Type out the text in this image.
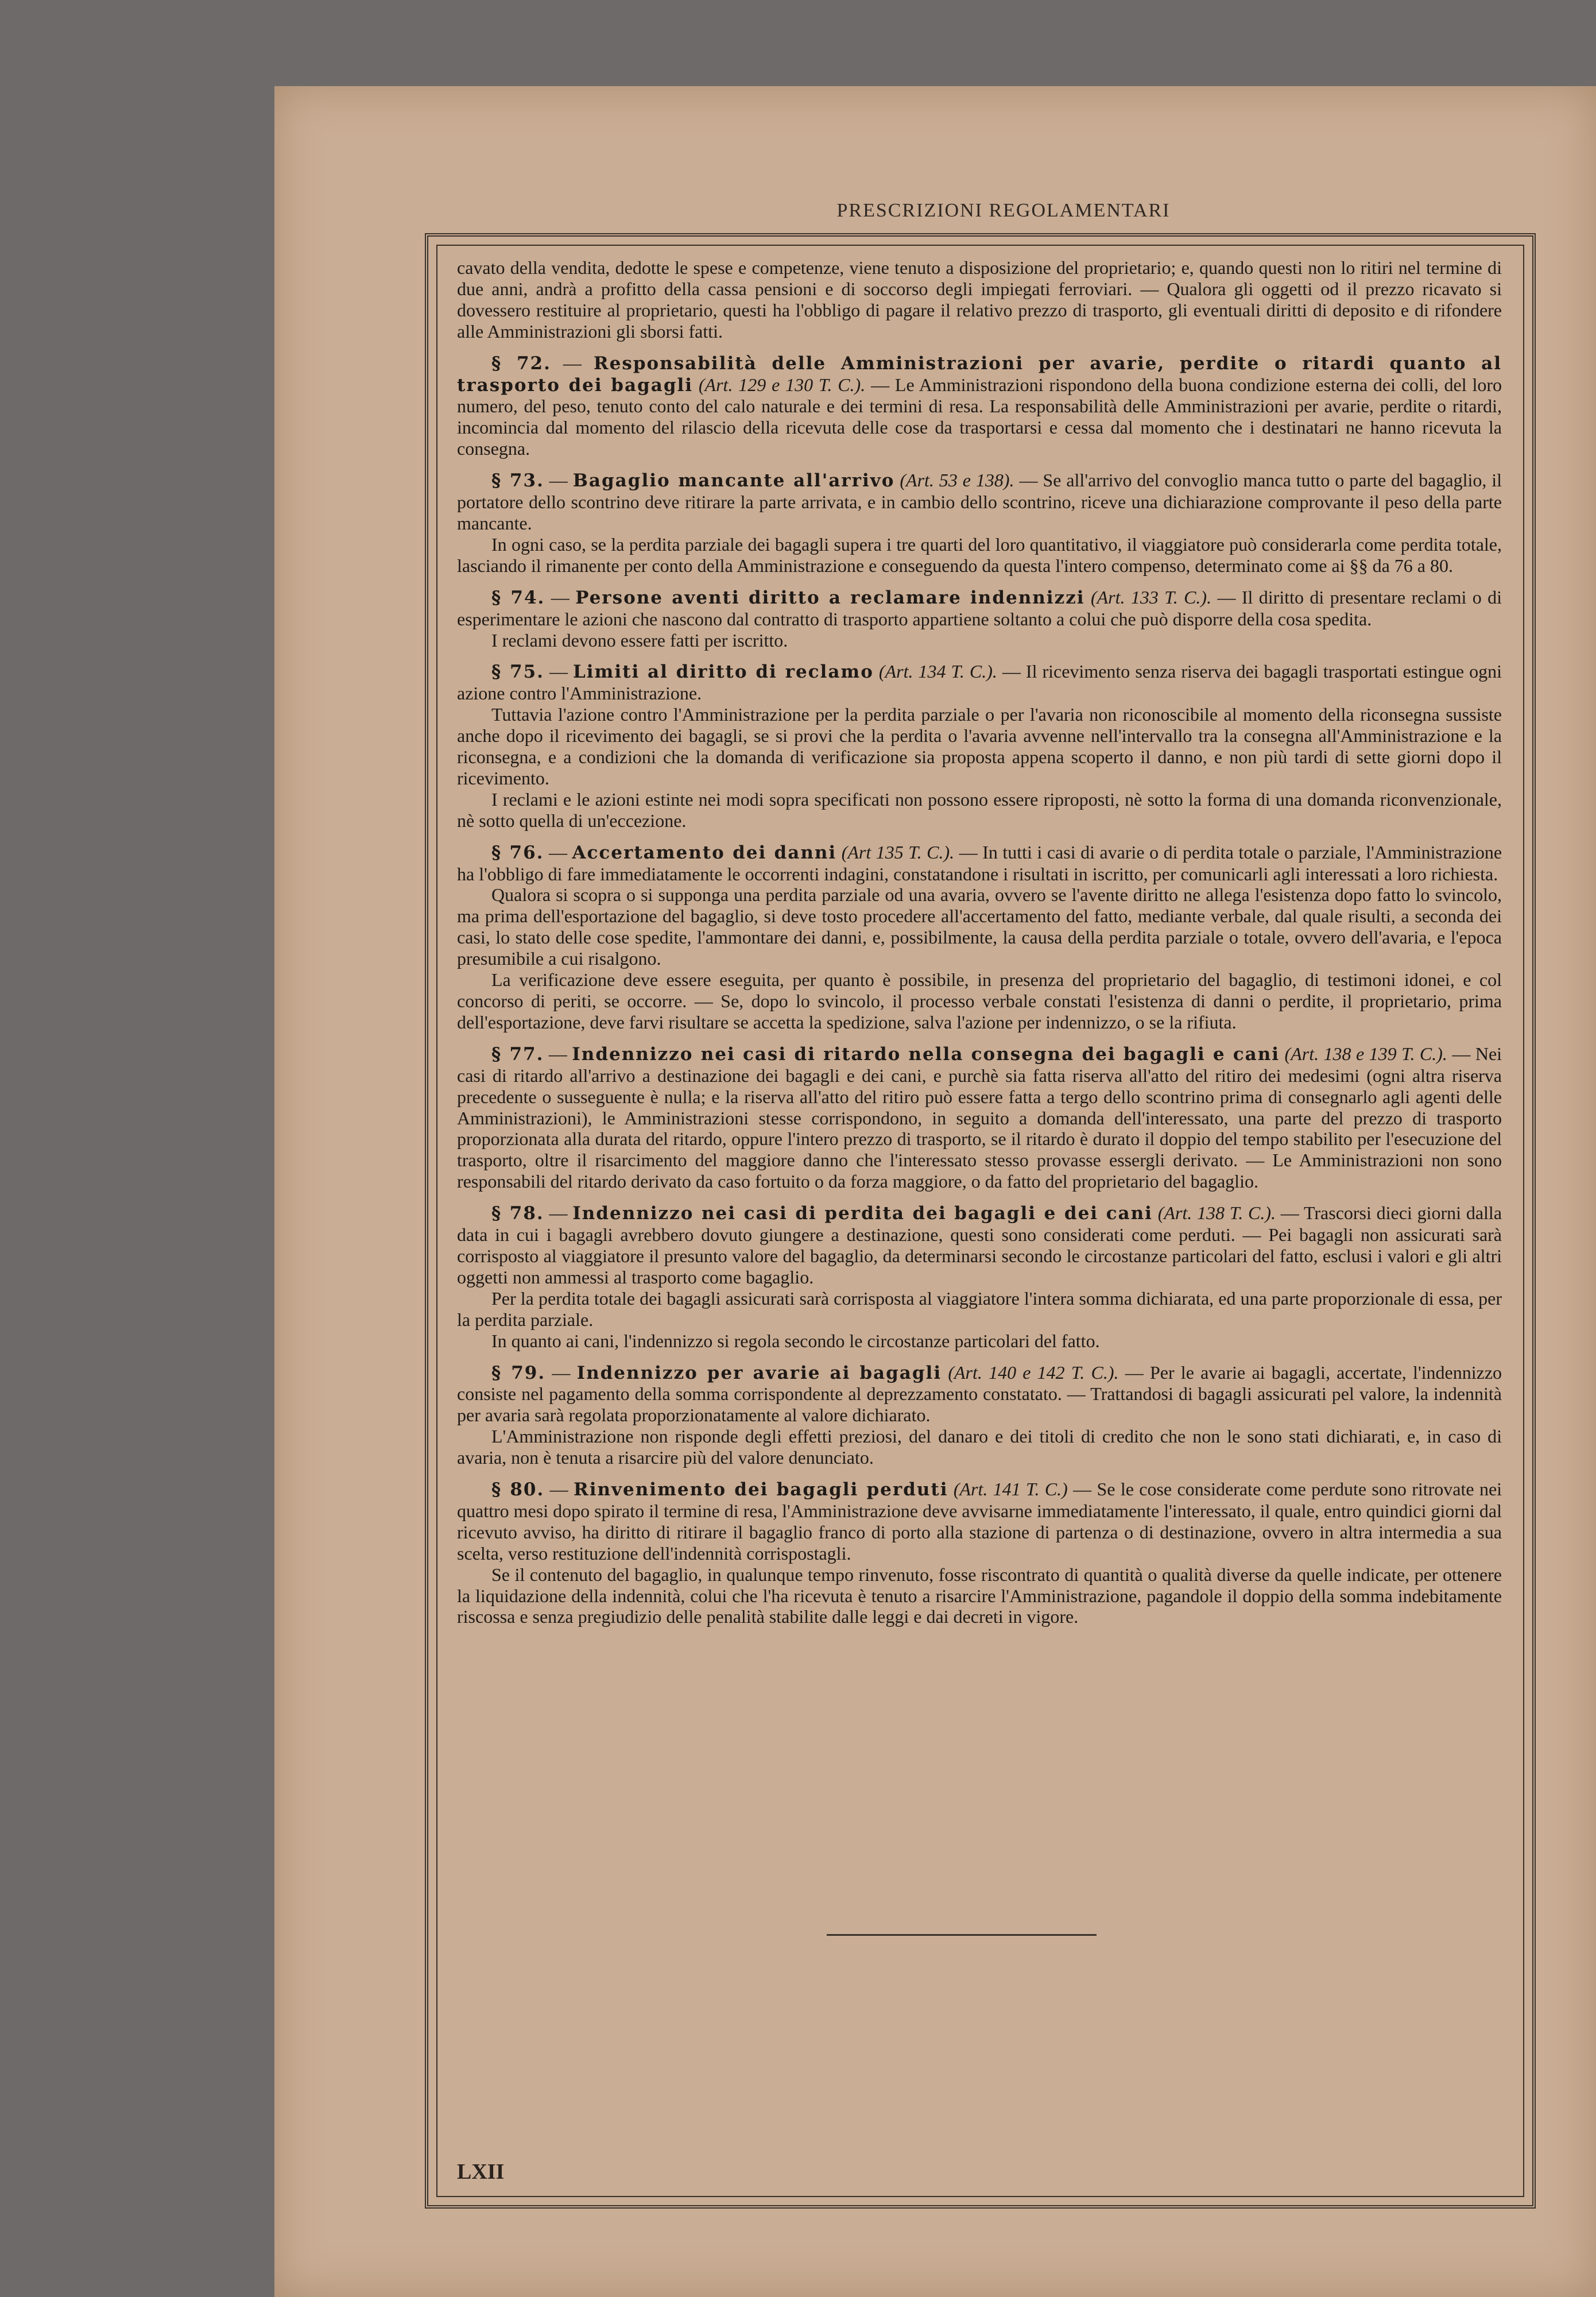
PRESCRIZIONI REGOLAMENTARI

cavato della vendita, dedotte le spese e competenze, viene tenuto a disposizione del proprietario; e, quando questi non lo ritiri nel termine di due anni, andrà a profitto della cassa pensioni e di soccorso degli impiegati ferroviari. — Qualora gli oggetti od il prezzo ricavato si dovessero restituire al proprietario, questi ha l'obbligo di pagare il relativo prezzo di trasporto, gli eventuali diritti di deposito e di rifondere alle Amministrazioni gli sborsi fatti.

§ 72. — Responsabilità delle Amministrazioni per avarie, perdite o ritardi quanto al trasporto dei bagagli (Art. 129 e 130 T. C.). — Le Amministrazioni rispondono della buona condizione esterna dei colli, del loro numero, del peso, tenuto conto del calo naturale e dei termini di resa. La responsabilità delle Amministrazioni per avarie, perdite o ritardi, incomincia dal momento del rilascio della ricevuta delle cose da trasportarsi e cessa dal momento che i destinatari ne hanno ricevuta la consegna.

§ 73. — Bagaglio mancante all'arrivo (Art. 53 e 138). — Se all'arrivo del convoglio manca tutto o parte del bagaglio, il portatore dello scontrino deve ritirare la parte arrivata, e in cambio dello scontrino, riceve una dichiarazione comprovante il peso della parte mancante.

In ogni caso, se la perdita parziale dei bagagli supera i tre quarti del loro quantitativo, il viaggiatore può considerarla come perdita totale, lasciando il rimanente per conto della Amministrazione e conseguendo da questa l'intero compenso, determinato come ai §§ da 76 a 80.

§ 74. — Persone aventi diritto a reclamare indennizzi (Art. 133 T. C.). — Il diritto di presentare reclami o di esperimentare le azioni che nascono dal contratto di trasporto appartiene soltanto a colui che può disporre della cosa spedita.

I reclami devono essere fatti per iscritto.

§ 75. — Limiti al diritto di reclamo (Art. 134 T. C.). — Il ricevimento senza riserva dei bagagli trasportati estingue ogni azione contro l'Amministrazione.

Tuttavia l'azione contro l'Amministrazione per la perdita parziale o per l'avaria non riconoscibile al momento della riconsegna sussiste anche dopo il ricevimento dei bagagli, se si provi che la perdita o l'avaria avvenne nell'intervallo tra la consegna all'Amministrazione e la riconsegna, e a condizioni che la domanda di verificazione sia proposta appena scoperto il danno, e non più tardi di sette giorni dopo il ricevimento.

I reclami e le azioni estinte nei modi sopra specificati non possono essere riproposti, nè sotto la forma di una domanda riconvenzionale, nè sotto quella di un'eccezione.

§ 76. — Accertamento dei danni (Art 135 T. C.). — In tutti i casi di avarie o di perdita totale o parziale, l'Amministrazione ha l'obbligo di fare immediatamente le occorrenti indagini, constatandone i risultati in iscritto, per comunicarli agli interessati a loro richiesta.

Qualora si scopra o si supponga una perdita parziale od una avaria, ovvero se l'avente diritto ne allega l'esistenza dopo fatto lo svincolo, ma prima dell'esportazione del bagaglio, si deve tosto procedere all'accertamento del fatto, mediante verbale, dal quale risulti, a seconda dei casi, lo stato delle cose spedite, l'ammontare dei danni, e, possibilmente, la causa della perdita parziale o totale, ovvero dell'avaria, e l'epoca presumibile a cui risalgono.

La verificazione deve essere eseguita, per quanto è possibile, in presenza del proprietario del bagaglio, di testimoni idonei, e col concorso di periti, se occorre. — Se, dopo lo svincolo, il processo verbale constati l'esistenza di danni o perdite, il proprietario, prima dell'esportazione, deve farvi risultare se accetta la spedizione, salva l'azione per indennizzo, o se la rifiuta.

§ 77. — Indennizzo nei casi di ritardo nella consegna dei bagagli e cani (Art. 138 e 139 T. C.). — Nei casi di ritardo all'arrivo a destinazione dei bagagli e dei cani, e purchè sia fatta riserva all'atto del ritiro dei medesimi (ogni altra riserva precedente o susseguente è nulla; e la riserva all'atto del ritiro può essere fatta a tergo dello scontrino prima di consegnarlo agli agenti delle Amministrazioni), le Amministrazioni stesse corrispondono, in seguito a domanda dell'interessato, una parte del prezzo di trasporto proporzionata alla durata del ritardo, oppure l'intero prezzo di trasporto, se il ritardo è durato il doppio del tempo stabilito per l'esecuzione del trasporto, oltre il risarcimento del maggiore danno che l'interessato stesso provasse essergli derivato. — Le Amministrazioni non sono responsabili del ritardo derivato da caso fortuito o da forza maggiore, o da fatto del proprietario del bagaglio.

§ 78. — Indennizzo nei casi di perdita dei bagagli e dei cani (Art. 138 T. C.). — Trascorsi dieci giorni dalla data in cui i bagagli avrebbero dovuto giungere a destinazione, questi sono considerati come perduti. — Pei bagagli non assicurati sarà corrisposto al viaggiatore il presunto valore del bagaglio, da determinarsi secondo le circostanze particolari del fatto, esclusi i valori e gli altri oggetti non ammessi al trasporto come bagaglio.

Per la perdita totale dei bagagli assicurati sarà corrisposta al viaggiatore l'intera somma dichiarata, ed una parte proporzionale di essa, per la perdita parziale.

In quanto ai cani, l'indennizzo si regola secondo le circostanze particolari del fatto.

§ 79. — Indennizzo per avarie ai bagagli (Art. 140 e 142 T. C.). — Per le avarie ai bagagli, accertate, l'indennizzo consiste nel pagamento della somma corrispondente al deprezzamento constatato. — Trattandosi di bagagli assicurati pel valore, la indennità per avaria sarà regolata proporzionatamente al valore dichiarato.

L'Amministrazione non risponde degli effetti preziosi, del danaro e dei titoli di credito che non le sono stati dichiarati, e, in caso di avaria, non è tenuta a risarcire più del valore denunciato.

§ 80. — Rinvenimento dei bagagli perduti (Art. 141 T. C.) — Se le cose considerate come perdute sono ritrovate nei quattro mesi dopo spirato il termine di resa, l'Amministrazione deve avvisarne immediatamente l'interessato, il quale, entro quindici giorni dal ricevuto avviso, ha diritto di ritirare il bagaglio franco di porto alla stazione di partenza o di destinazione, ovvero in altra intermedia a sua scelta, verso restituzione dell'indennità corrispostagli.

Se il contenuto del bagaglio, in qualunque tempo rinvenuto, fosse riscontrato di quantità o qualità diverse da quelle indicate, per ottenere la liquidazione della indennità, colui che l'ha ricevuta è tenuto a risarcire l'Amministrazione, pagandole il doppio della somma indebitamente riscossa e senza pregiudizio delle penalità stabilite dalle leggi e dai decreti in vigore.

LXII
